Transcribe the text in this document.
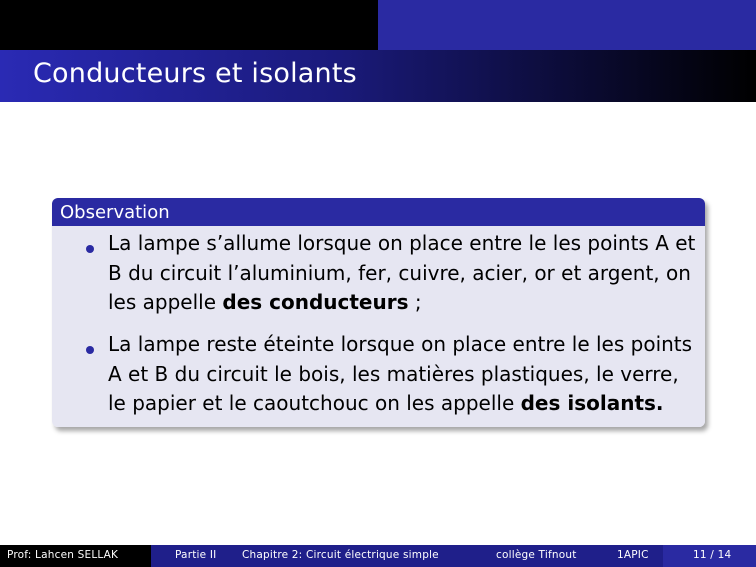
Conducteurs et isolants
Observation
La lampe s’allume lorsque on place entre le les points A et B du circuit l’aluminium, fer, cuivre, acier, or et argent, on les appelle des conducteurs ;
La lampe reste éteinte lorsque on place entre le les points A et B du circuit le bois, les matières plastiques, le verre, le papier et le caoutchouc on les appelle des isolants.
Prof: Lahcen SELLAK	Partie II Chapitre 2: Circuit électrique simple	collège Tifnout	1APIC	11 / 14
